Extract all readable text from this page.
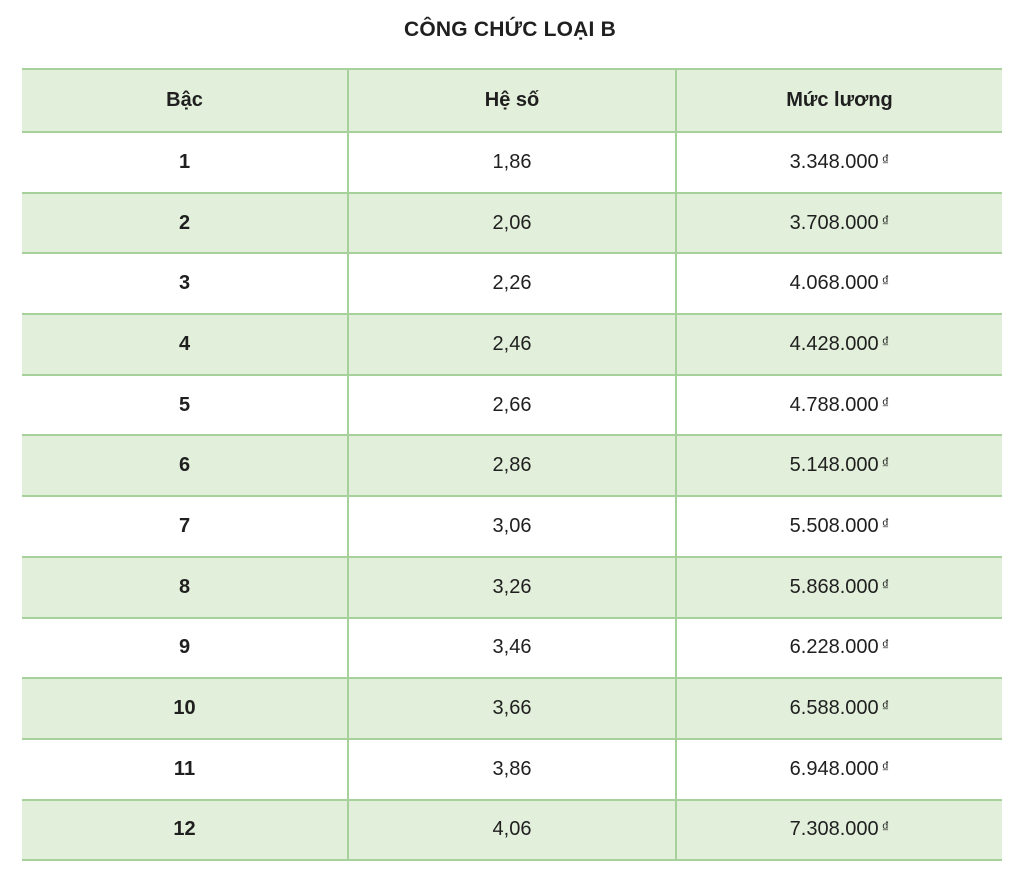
CÔNG CHỨC LOẠI B
Bậc	Hệ số	Mức lương
1	1,86	3.348.000 ₫
2	2,06	3.708.000 ₫
3	2,26	4.068.000 ₫
4	2,46	4.428.000 ₫
5	2,66	4.788.000 ₫
6	2,86	5.148.000 ₫
7	3,06	5.508.000 ₫
8	3,26	5.868.000 ₫
9	3,46	6.228.000 ₫
10	3,66	6.588.000 ₫
11	3,86	6.948.000 ₫
12	4,06	7.308.000 ₫
